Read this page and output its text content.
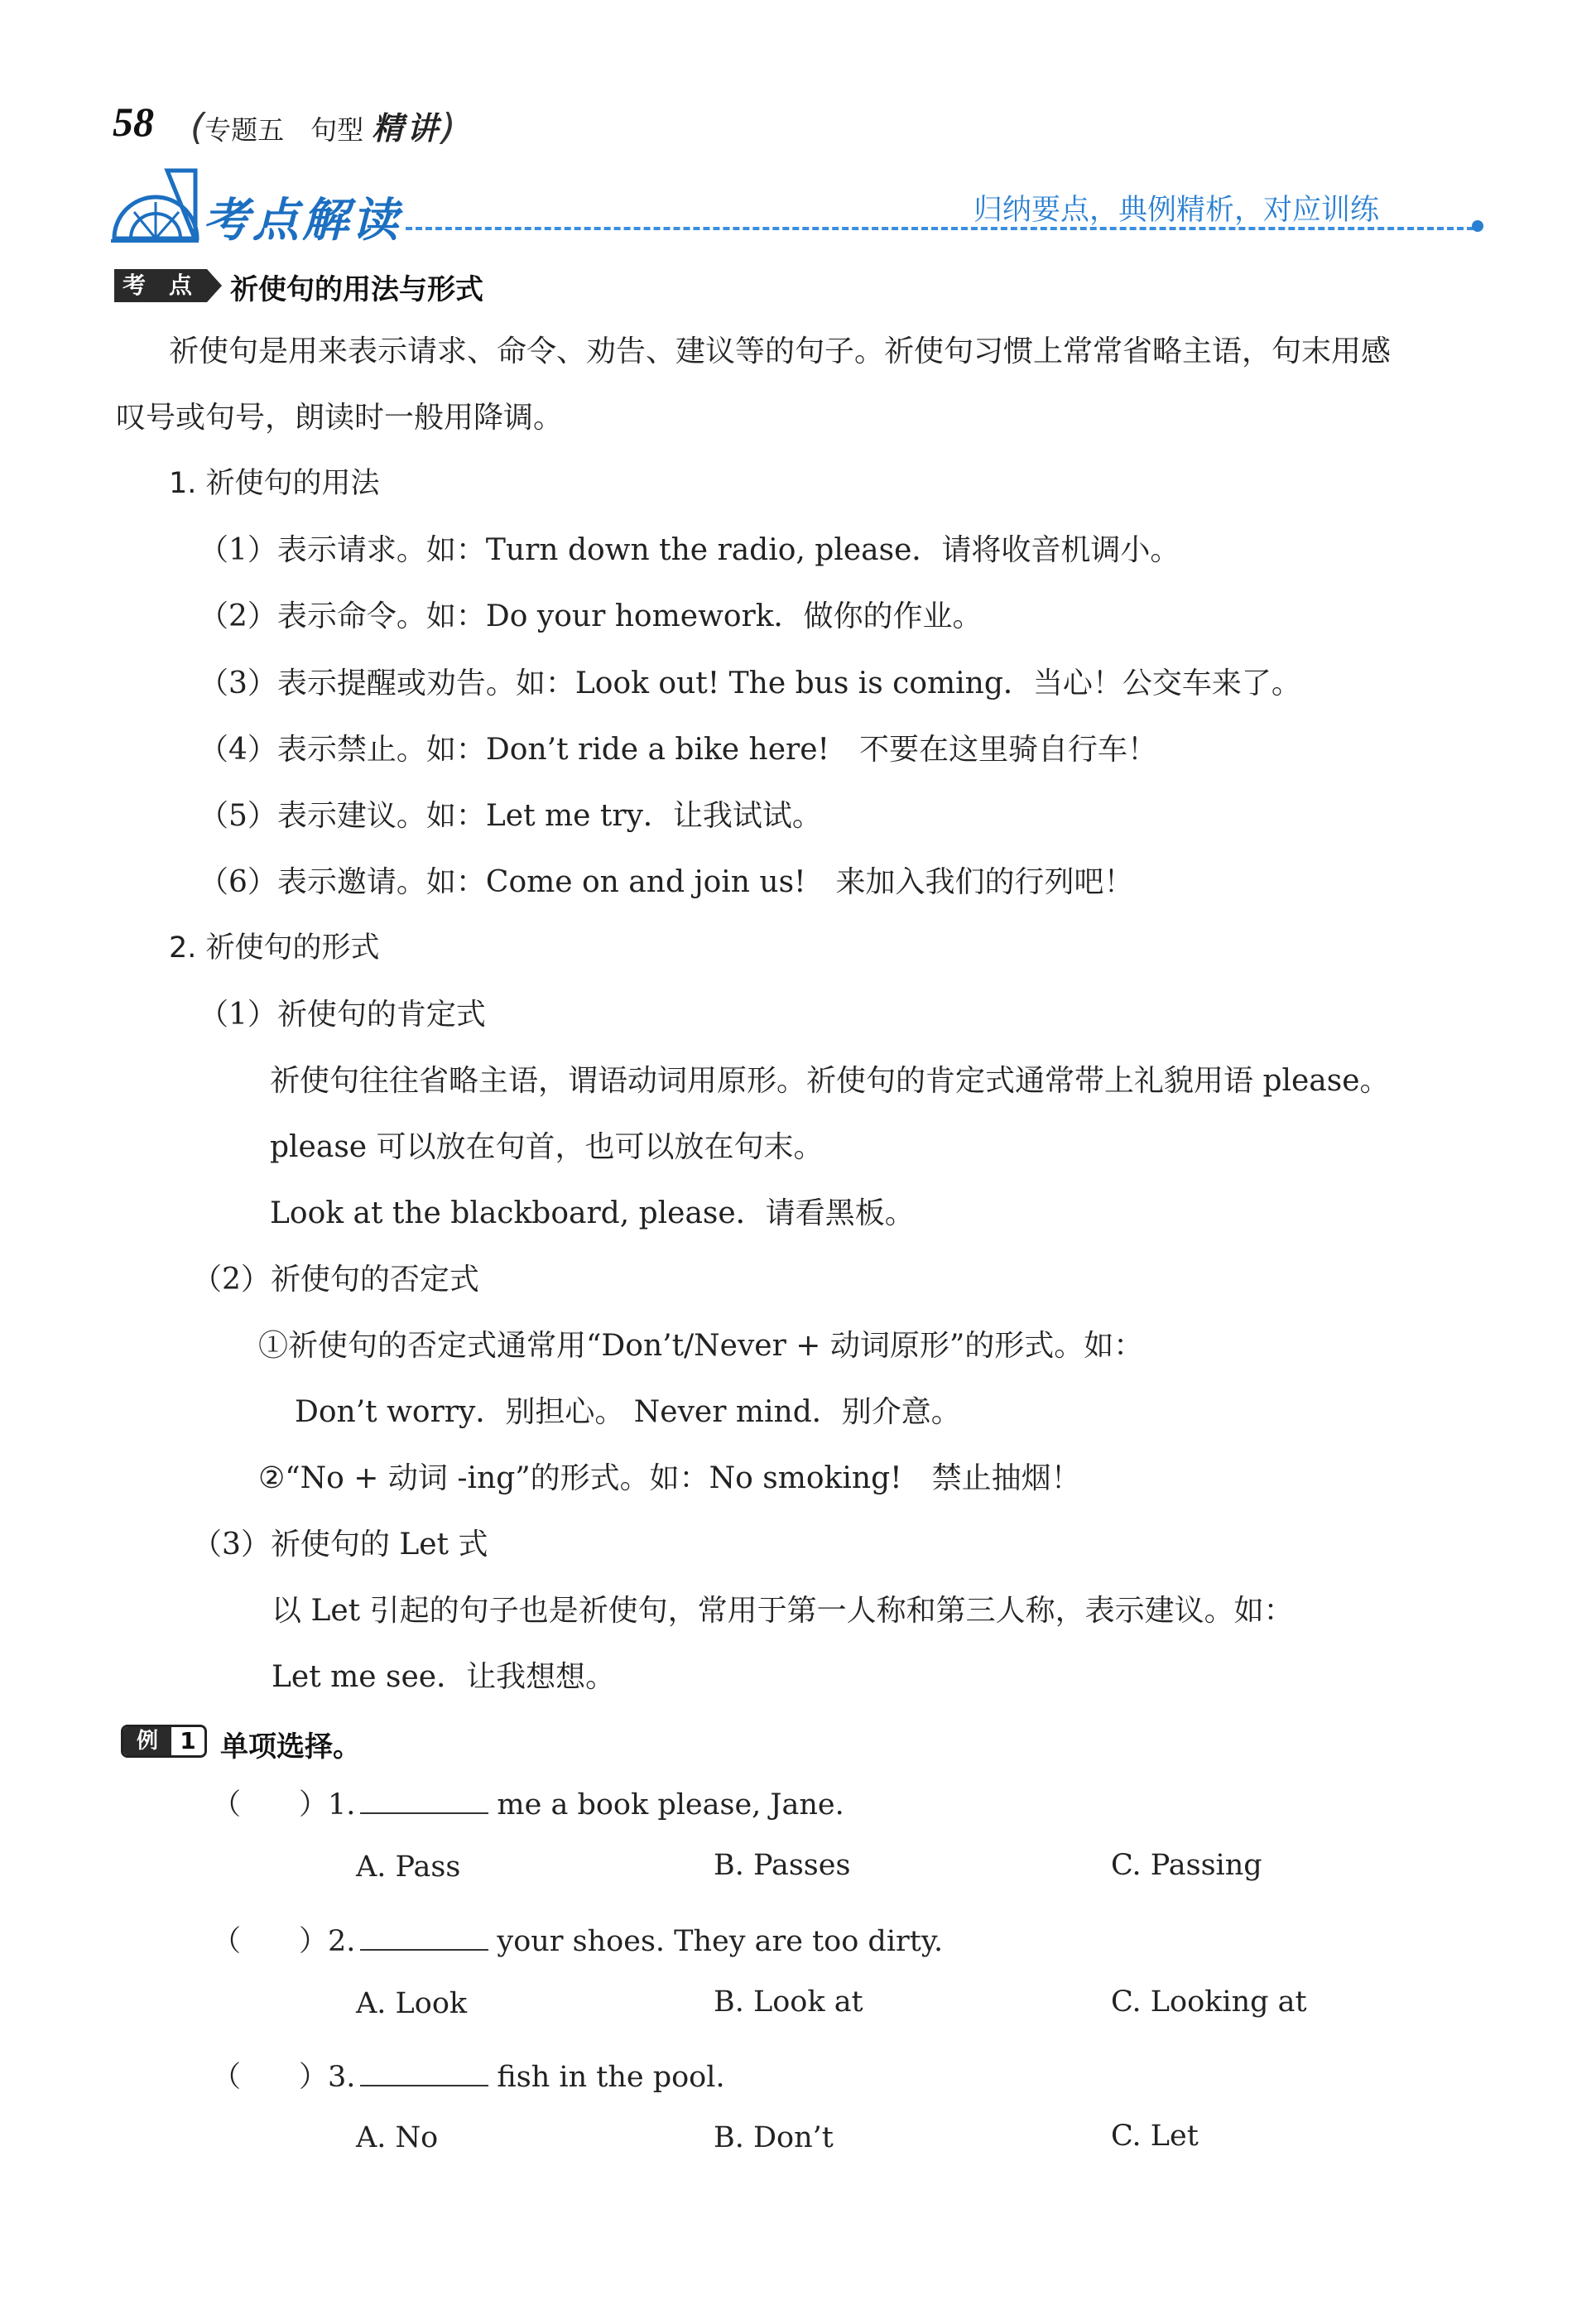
58 (专题五　句型 精讲)
考点解读	归纳要点，典例精析，对应训练
考　点	祈使句的用法与形式
祈使句是用来表示请求、命令、劝告、建议等的句子。祈使句习惯上常常省略主语，句末用感
叹号或句号，朗读时一般用降调。
1. 祈使句的用法
（1）表示请求。如：Turn down the radio, please．请将收音机调小。
（2）表示命令。如：Do your homework．做你的作业。
（3）表示提醒或劝告。如：Look out! The bus is coming．当心！公交车来了。
（4）表示禁止。如：Don’t ride a bike here!　不要在这里骑自行车！
（5）表示建议。如：Let me try．让我试试。
（6）表示邀请。如：Come on and join us!　来加入我们的行列吧！
2. 祈使句的形式
（1）祈使句的肯定式
祈使句往往省略主语，谓语动词用原形。祈使句的肯定式通常带上礼貌用语 please。
please 可以放在句首，也可以放在句末。
Look at the blackboard, please．请看黑板。
（2）祈使句的否定式
①祈使句的否定式通常用“Don’t/Never + 动词原形”的形式。如：
Don’t worry．别担心。 Never mind．别介意。
②“No + 动词 -ing”的形式。如：No smoking!　禁止抽烟！
（3）祈使句的 Let 式
以 Let 引起的句子也是祈使句，常用于第一人称和第三人称，表示建议。如：
Let me see．让我想想。
例 1 单项选择。
（　　）1.	me a book please, Jane.
A. Pass	B. Passes	C. Passing
（　　）2.	your shoes. They are too dirty.
A. Look	B. Look at	C. Looking at
（　　）3.	fish in the pool.
A. No	B. Don’t	C. Let
